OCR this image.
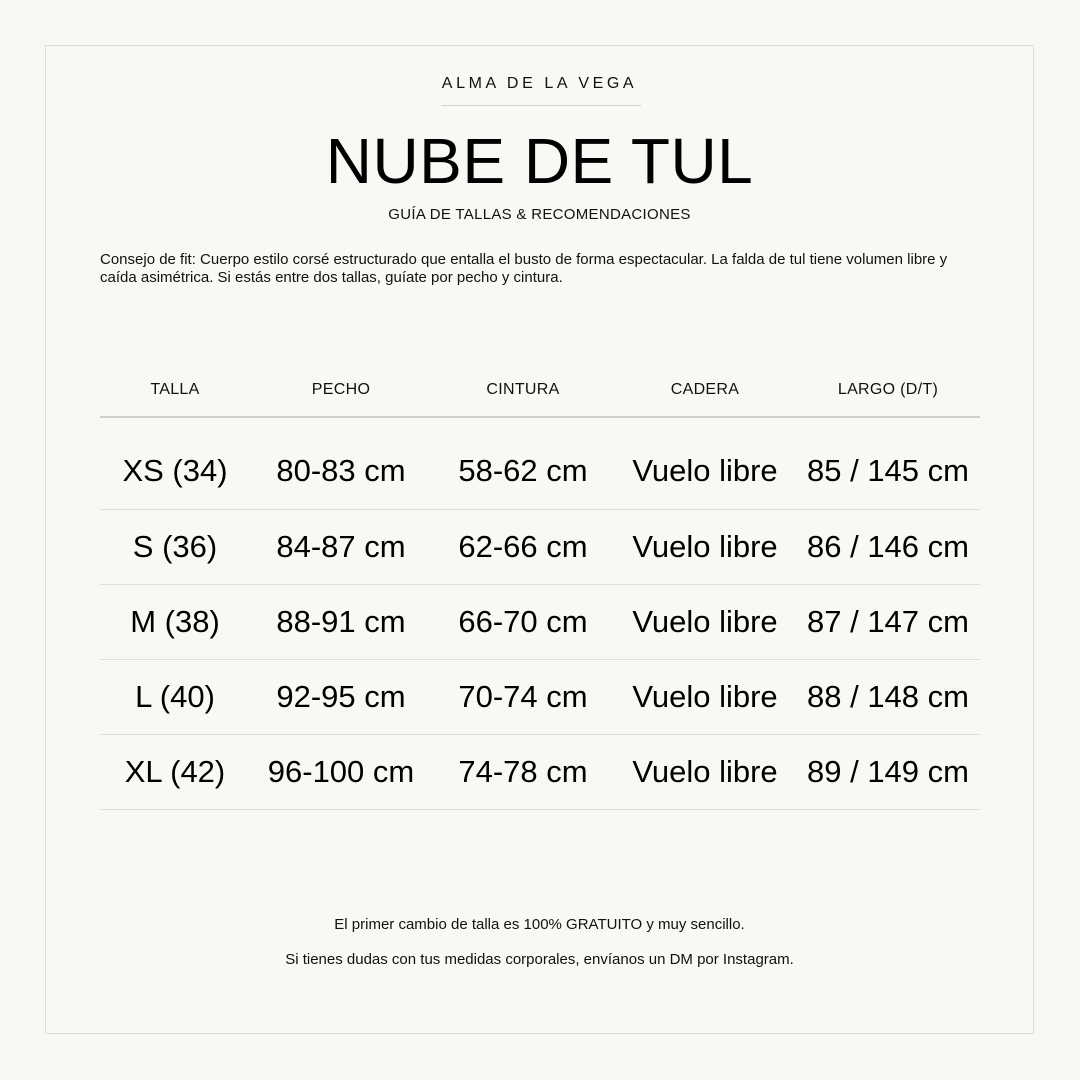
ALMA DE LA VEGA
NUBE DE TUL
GUÍA DE TALLAS & RECOMENDACIONES
Consejo de fit: Cuerpo estilo corsé estructurado que entalla el busto de forma espectacular. La falda de tul tiene volumen libre y caída asimétrica. Si estás entre dos tallas, guíate por pecho y cintura.
TALLA	PECHO	CINTURA	CADERA	LARGO (D/T)
XS (34)	80-83 cm	58-62 cm	Vuelo libre 85 / 145 cm
S (36)	84-87 cm	62-66 cm	Vuelo libre 86 / 146 cm
M (38)	88-91 cm	66-70 cm	Vuelo libre 87 / 147 cm
L (40)	92-95 cm	70-74 cm	Vuelo libre 88 / 148 cm
XL (42)	96-100 cm	74-78 cm	Vuelo libre 89 / 149 cm
El primer cambio de talla es 100% GRATUITO y muy sencillo.
Si tienes dudas con tus medidas corporales, envíanos un DM por Instagram.
